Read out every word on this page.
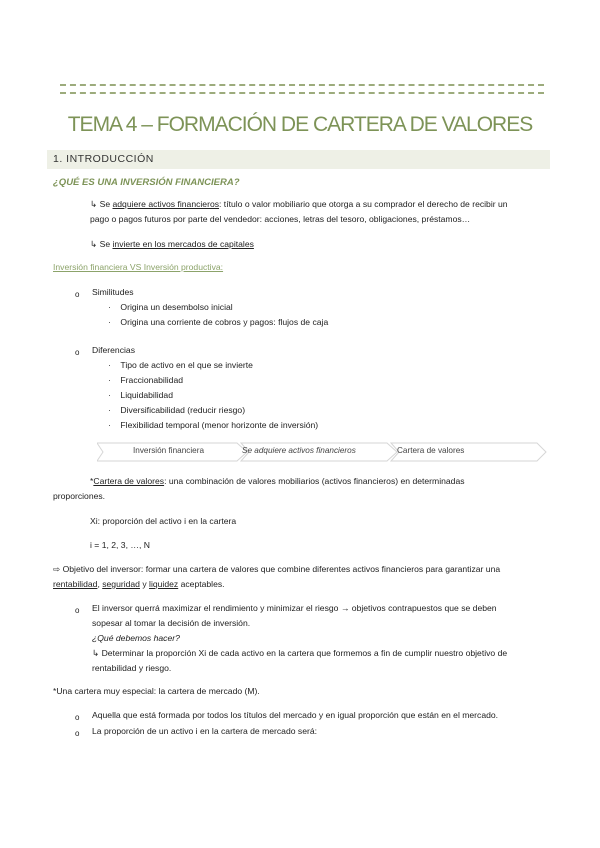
TEMA 4 – FORMACIÓN DE CARTERA DE VALORES
1. INTRODUCCIÓN
¿QUÉ ES UNA INVERSIÓN FINANCIERA?
↳ Se adquiere activos financieros: título o valor mobiliario que otorga a su comprador el derecho de recibir un
pago o pagos futuros por parte del vendedor: acciones, letras del tesoro, obligaciones, préstamos…
↳ Se invierte en los mercados de capitales
Inversión financiera VS Inversión productiva:
o Similitudes
·    Origina un desembolso inicial
·    Origina una corriente de cobros y pagos: flujos de caja
o Diferencias
·    Tipo de activo en el que se invierte
·    Fraccionabilidad
·    Liquidabilidad
·    Diversificabilidad (reducir riesgo)
·    Flexibilidad temporal (menor horizonte de inversión)
Inversión financiera	Se adquiere activos financieros	Cartera de valores
*Cartera de valores: una combinación de valores mobiliarios (activos financieros) en determinadas
proporciones.
Xi: proporción del activo i en la cartera
i = 1, 2, 3, …, N
⇨ Objetivo del inversor: formar una cartera de valores que combine diferentes activos financieros para garantizar una
rentabilidad, seguridad y liquidez aceptables.
o El inversor querrá maximizar el rendimiento y minimizar el riesgo → objetivos contrapuestos que se deben
sopesar al tomar la decisión de inversión.
¿Qué debemos hacer?
↳ Determinar la proporción Xi de cada activo en la cartera que formemos a fin de cumplir nuestro objetivo de
rentabilidad y riesgo.
*Una cartera muy especial: la cartera de mercado (M).
o Aquella que está formada por todos los títulos del mercado y en igual proporción que están en el mercado.
o La proporción de un activo i en la cartera de mercado será:
